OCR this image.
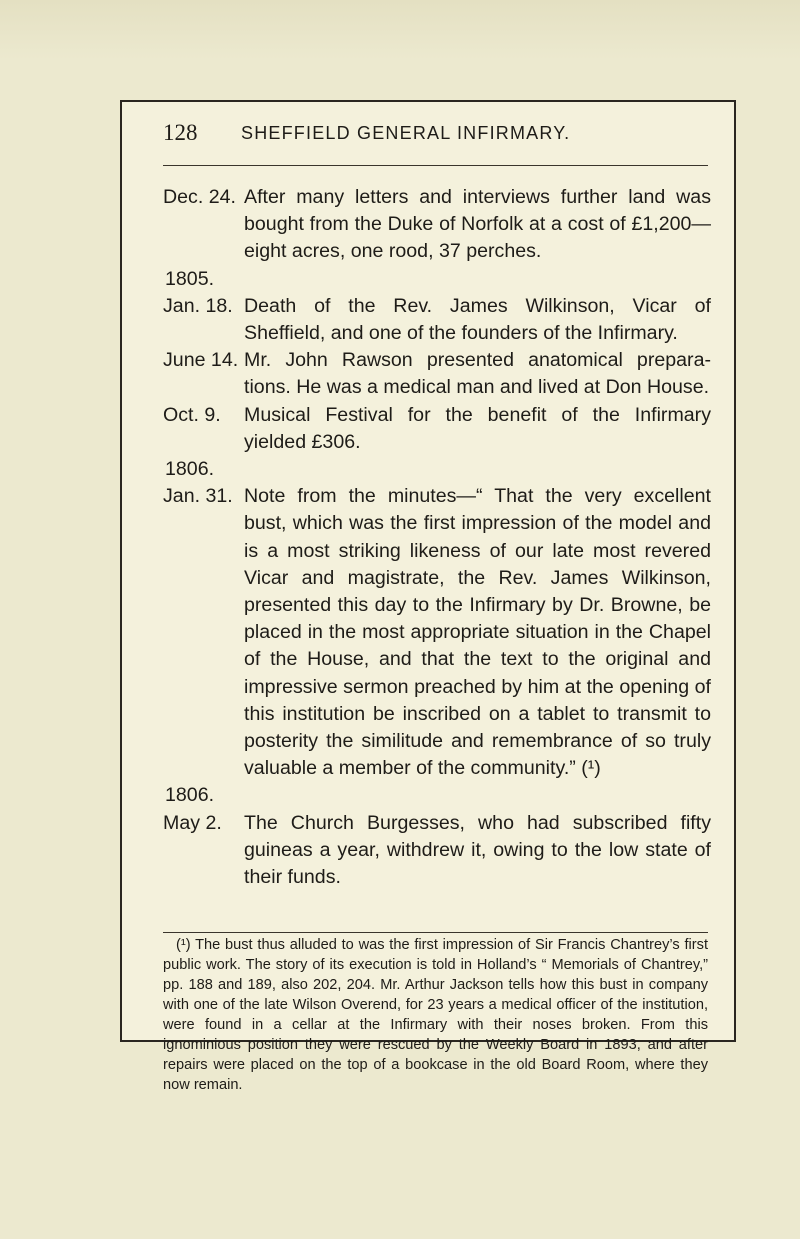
128 SHEFFIELD GENERAL INFIRMARY.
Dec. 24. After many letters and interviews further land was bought from the Duke of Norfolk at a cost of £1,200—eight acres, one rood, 37 perches.
1805.
Jan. 18. Death of the Rev. James Wilkinson, Vicar of Sheffield, and one of the founders of the Infirmary.
June 14. Mr. John Rawson presented anatomical prepara-tions. He was a medical man and lived at Don House.
Oct. 9.	Musical Festival for the benefit of the Infirmary yielded £306.
1806.
Jan. 31. Note from the minutes—“ That the very excellent bust, which was the first impression of the model and is a most striking likeness of our late most revered Vicar and magistrate, the Rev. James Wilkinson, presented this day to the Infirmary by Dr. Browne, be placed in the most appropriate situation in the Chapel of the House, and that the text to the original and impressive sermon preached by him at the opening of this institution be inscribed on a tablet to transmit to posterity the similitude and remembrance of so truly valuable a member of the community.” (¹)
1806.
May 2.	The Church Burgesses, who had subscribed fifty guineas a year, withdrew it, owing to the low state of their funds.
(¹) The bust thus alluded to was the first impression of Sir Francis Chantrey’s first public work. The story of its execution is told in Holland’s “ Memorials of Chantrey,” pp. 188 and 189, also 202, 204. Mr. Arthur Jackson tells how this bust in company with one of the late Wilson Overend, for 23 years a medical officer of the institution, were found in a cellar at the Infirmary with their noses broken. From this ignominious position they were rescued by the Weekly Board in 1893, and after repairs were placed on the top of a bookcase in the old Board Room, where they now remain.
